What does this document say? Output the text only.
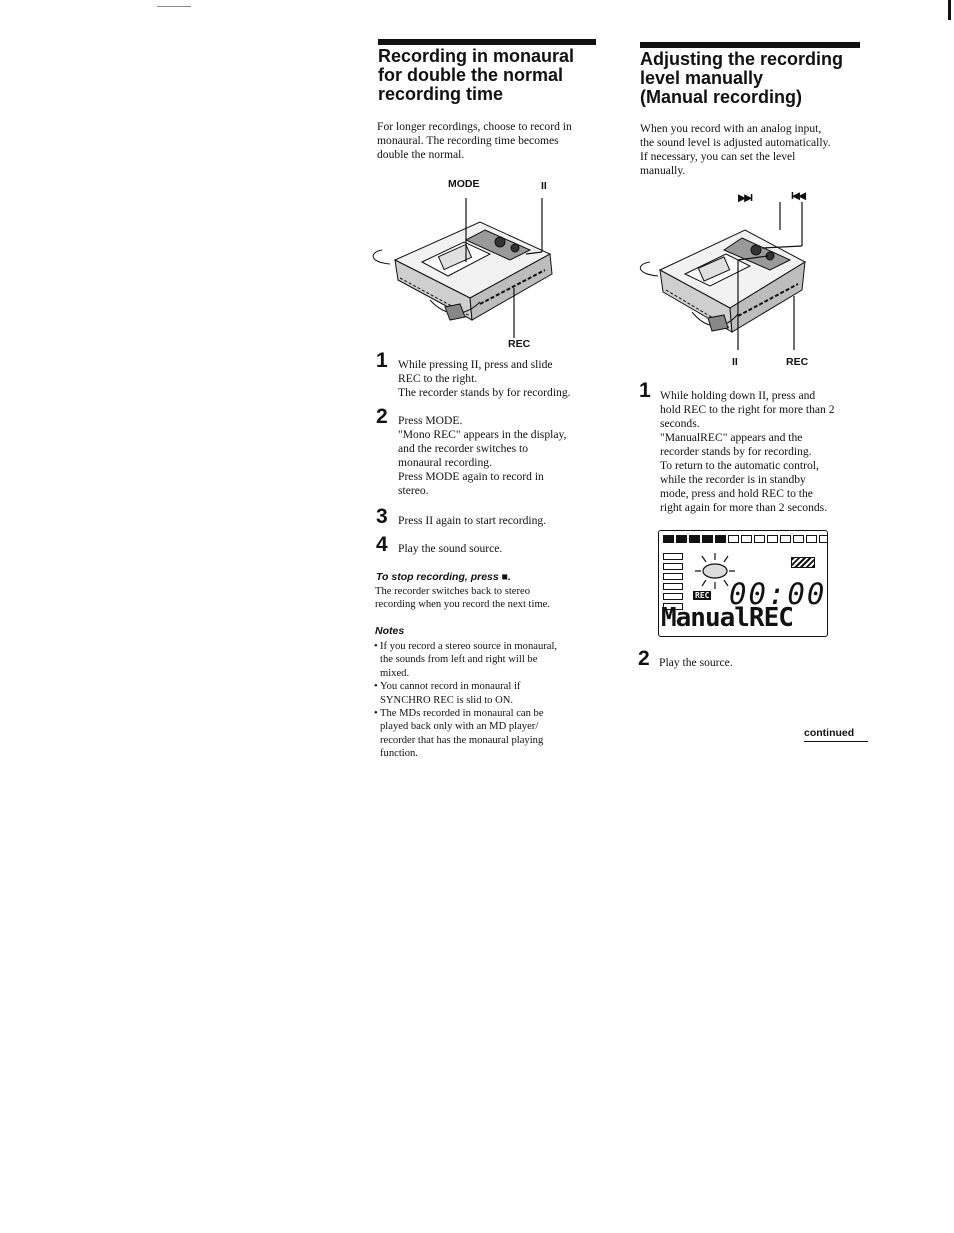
Recording in monaural
for double the normal
recording time

For longer recordings, choose to record in
monaural. The recording time becomes
double the normal.

MODE	II
REC
1 While pressing II, press and slide

REC to the right.

The recorder stands by for recording.

2 Press MODE.

"Mono REC" appears in the display,

and the recorder switches to

monaural recording.

Press MODE again to record in

stereo.

3 Press II again to start recording.

4 Play the sound source.

To stop recording, press ■.

The recorder switches back to stereo

recording when you record the next time.

Notes
• If you record a stereo source in monaural,
the sounds from left and right will be
mixed.
• You cannot record in monaural if
SYNCHRO REC is slid to ON.
• The MDs recorded in monaural can be
played back only with an MD player/
recorder that has the monaural playing
function.
Adjusting the recording
level manually
(Manual recording)

When you record with an analog input,
the sound level is adjusted automatically.
If necessary, you can set the level
manually.

▶▶I	I◀◀
II	REC
1 While holding down II, press and

hold REC to the right for more than 2

seconds.

"ManualREC" appears and the

recorder stands by for recording.

To return to the automatic control,

while the recorder is in standby

mode, press and hold REC to the

right again for more than 2 seconds.

REC 00:00
ManualREC
2 Play the source.

continued
